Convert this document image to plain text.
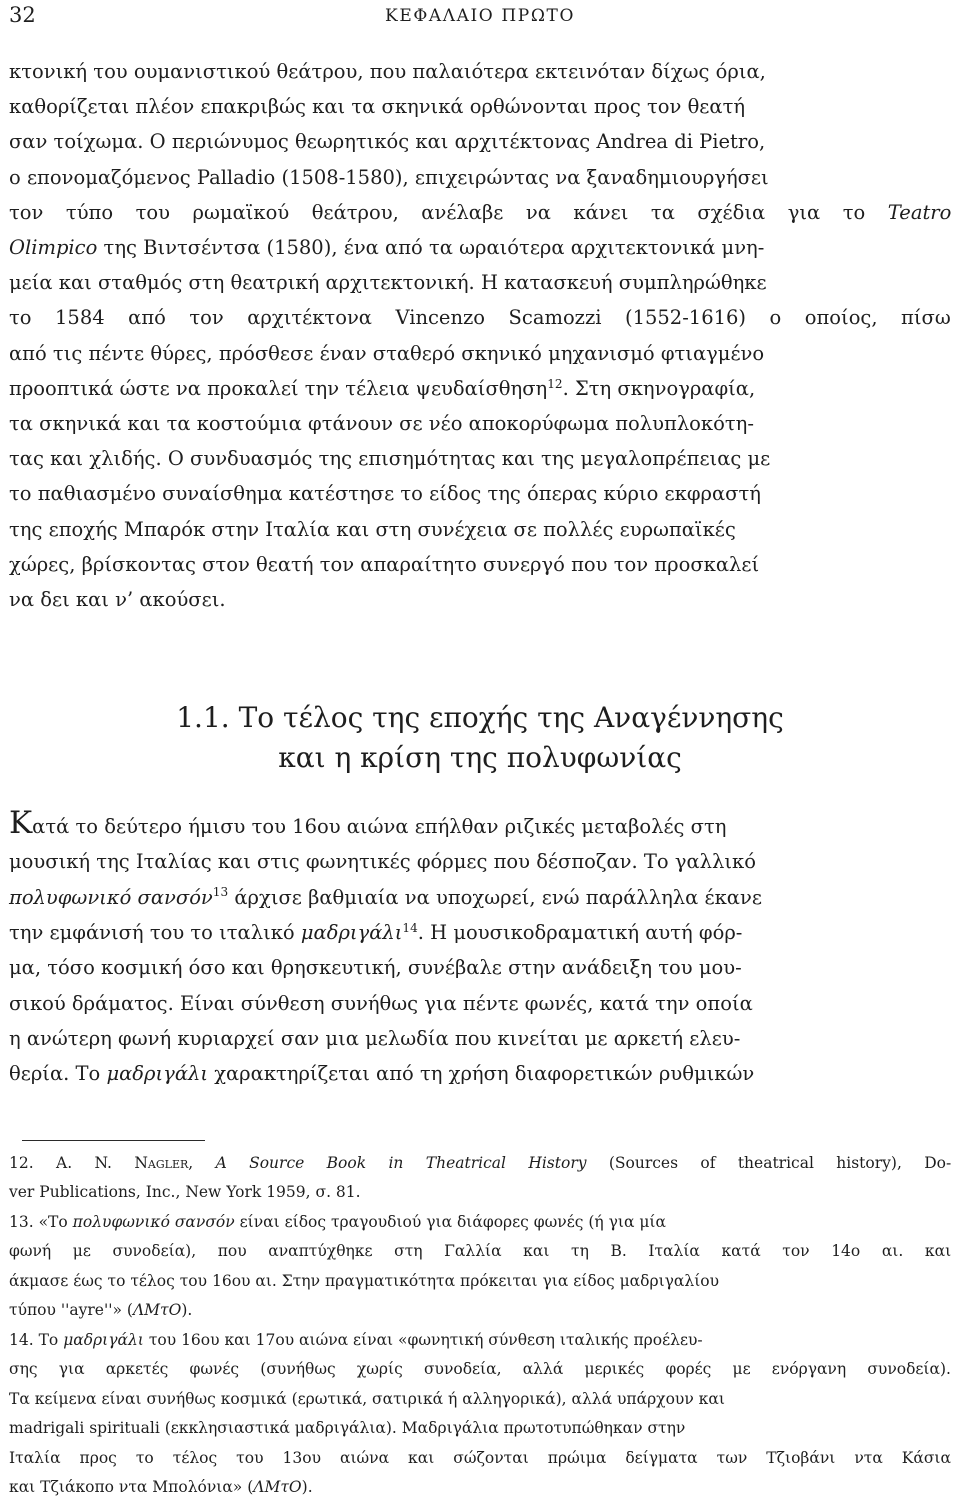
32	ΚΕΦΑΛΑΙΟ ΠΡΩΤΟ
κτονική του ουμανιστικού θεάτρου, που παλαιότερα εκτεινόταν δίχως όρια,
καθορίζεται πλέον επακριβώς και τα σκηνικά ορθώνονται προς τον θεατή
σαν τοίχωμα. Ο περιώνυμος θεωρητικός και αρχιτέκτονας Andrea di Pietro,
ο επονομαζόμενος Palladio (1508-1580), επιχειρώντας να ξαναδημιουργήσει
τον τύπο του ρωμαϊκού θεάτρου, ανέλαβε να κάνει τα σχέδια για το Teatro
Olimpico της Βιντσέντσα (1580), ένα από τα ωραιότερα αρχιτεκτονικά μνη-
μεία και σταθμός στη θεατρική αρχιτεκτονική. Η κατασκευή συμπληρώθηκε
το 1584 από τον αρχιτέκτονα Vincenzo Scamozzi (1552-1616) ο οποίος, πίσω
από τις πέντε θύρες, πρόσθεσε έναν σταθερό σκηνικό μηχανισμό φτιαγμένο
προοπτικά ώστε να προκαλεί την τέλεια ψευδαίσθηση$^{12}$. Στη σκηνογραφία,
τα σκηνικά και τα κοστούμια φτάνουν σε νέο αποκορύφωμα πολυπλοκότη-
τας και χλιδής. Ο συνδυασμός της επισημότητας και της μεγαλοπρέπειας με
το παθιασμένο συναίσθημα κατέστησε το είδος της όπερας κύριο εκφραστή
της εποχής Μπαρόκ στην Ιταλία και στη συνέχεια σε πολλές ευρωπαϊκές
χώρες, βρίσκοντας στον θεατή τον απαραίτητο συνεργό που τον προσκαλεί
να δει και ν’ ακούσει.
Κατά το δεύτερο ήμισυ του 16ου αιώνα επήλθαν ριζικές μεταβολές στη
μουσική της Ιταλίας και στις φωνητικές φόρμες που δέσποζαν. Το γαλλικό
πολυφωνικό σανσόν$^{13}$ άρχισε βαθμιαία να υποχωρεί, ενώ παράλληλα έκανε
την εμφάνισή του το ιταλικό μαδριγάλι$^{14}$. Η μουσικοδραματική αυτή φόρ-
μα, τόσο κοσμική όσο και θρησκευτική, συνέβαλε στην ανάδειξη του μου-
σικού δράματος. Είναι σύνθεση συνήθως για πέντε φωνές, κατά την οποία
η ανώτερη φωνή κυριαρχεί σαν μια μελωδία που κινείται με αρκετή ελευ-
θερία. Το μαδριγάλι χαρακτηρίζεται από τη χρήση διαφορετικών ρυθμικών
12. A. N. Nagler, A Source Book in Theatrical History (Sources of theatrical history), Do-
ver Publications, Inc., New York 1959, σ. 81.
13. «Το πολυφωνικό σανσόν είναι είδος τραγουδιού για διάφορες φωνές (ή για μία
φωνή με συνοδεία), που αναπτύχθηκε στη Γαλλία και τη Β. Ιταλία κατά τον 14ο αι. και
άκμασε έως το τέλος του 16ου αι. Στην πραγματικότητα πρόκειται για είδος μαδριγαλίου
τύπου ''ayre''» (ΛΜτΟ).
14. Το μαδριγάλι του 16ου και 17ου αιώνα είναι «φωνητική σύνθεση ιταλικής προέλευ-
σης για αρκετές φωνές (συνήθως χωρίς συνοδεία, αλλά μερικές φορές με ενόργανη συνοδεία).
Τα κείμενα είναι συνήθως κοσμικά (ερωτικά, σατιρικά ή αλληγορικά), αλλά υπάρχουν και
madrigali spirituali (εκκλησιαστικά μαδριγάλια). Μαδριγάλια πρωτοτυπώθηκαν στην
Ιταλία προς το τέλος του 13ου αιώνα και σώζονται πρώιμα δείγματα των Τζιοβάνι ντα Κάσια
και Τζιάκοπο ντα Μπολόνια» (ΛΜτΟ).
1.1. Το τέλος της εποχής της Αναγέννησης
και η κρίση της πολυφωνίας
